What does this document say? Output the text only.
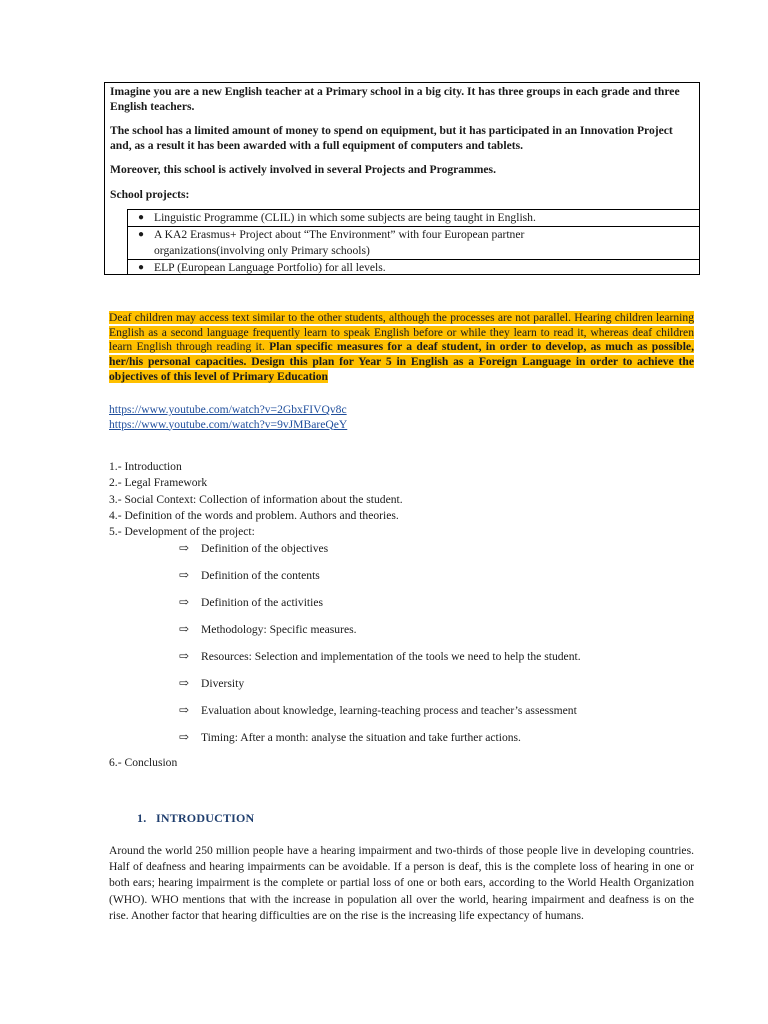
Imagine you are a new English teacher at a Primary school in a big city. It has three groups in each grade and three English teachers.

The school has a limited amount of money to spend on equipment, but it has participated in an Innovation Project and, as a result it has been awarded with a full equipment of computers and tablets.

Moreover, this school is actively involved in several Projects and Programmes.

School projects:

● Linguistic Programme (CLIL) in which some subjects are being taught in English.
● A KA2 Erasmus+ Project about “The Environment” with four European partner organizations(involving only Primary schools)
● ELP (European Language Portfolio) for all levels.
Deaf children may access text similar to the other students, although the processes are not parallel. Hearing children learning English as a second language frequently learn to speak English before or while they learn to read it, whereas deaf children learn English through reading it. Plan specific measures for a deaf student, in order to develop, as much as possible, her/his personal capacities. Design this plan for Year 5 in English as a Foreign Language in order to achieve the objectives of this level of Primary Education
https://www.youtube.com/watch?v=2GbxFIVQv8c
https://www.youtube.com/watch?v=9vJMBareQeY
1.- Introduction
2.- Legal Framework
3.- Social Context: Collection of information about the student.
4.- Definition of the words and problem. Authors and theories.
5.- Development of the project:
⇨ Definition of the objectives
⇨ Definition of the contents
⇨ Definition of the activities
⇨ Methodology: Specific measures.
⇨ Resources: Selection and implementation of the tools we need to help the student.
⇨ Diversity
⇨ Evaluation about knowledge, learning-teaching process and teacher’s assessment
⇨ Timing: After a month: analyse the situation and take further actions.
6.- Conclusion
1. INTRODUCTION
Around the world 250 million people have a hearing impairment and two-thirds of those people live in developing countries. Half of deafness and hearing impairments can be avoidable. If a person is deaf, this is the complete loss of hearing in one or both ears; hearing impairment is the complete or partial loss of one or both ears, according to the World Health Organization (WHO). WHO mentions that with the increase in population all over the world, hearing impairment and deafness is on the rise. Another factor that hearing difficulties are on the rise is the increasing life expectancy of humans.
